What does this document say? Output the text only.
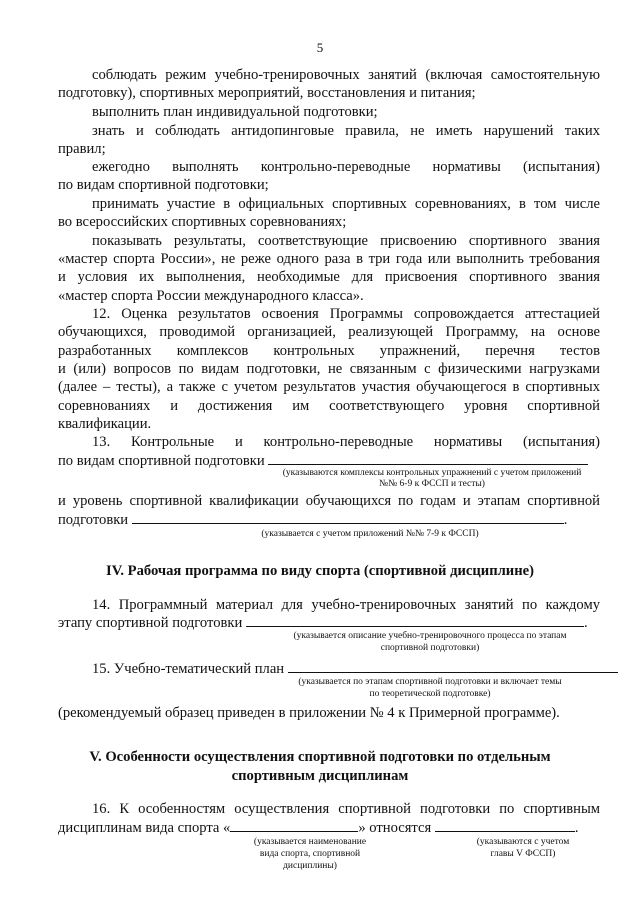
5
соблюдать режим учебно-тренировочных занятий (включая самостоятельную
подготовку), спортивных мероприятий, восстановления и питания;
выполнить план индивидуальной подготовки;
знать и соблюдать антидопинговые правила, не иметь нарушений таких
правил;
ежегодно выполнять контрольно-переводные нормативы (испытания)
по видам спортивной подготовки;
принимать участие в официальных спортивных соревнованиях, в том числе
во всероссийских спортивных соревнованиях;
показывать результаты, соответствующие присвоению спортивного звания
«мастер спорта России», не реже одного раза в три года или выполнить требования
и условия их выполнения, необходимые для присвоения спортивного звания
«мастер спорта России международного класса».
12. Оценка результатов освоения Программы сопровождается аттестацией
обучающихся, проводимой организацией, реализующей Программу, на основе
разработанных комплексов контрольных упражнений, перечня тестов
и (или) вопросов по видам подготовки, не связанным с физическими нагрузками
(далее – тесты), а также с учетом результатов участия обучающегося в спортивных
соревнованиях и достижения им соответствующего уровня спортивной
квалификации.
13. Контрольные и контрольно-переводные нормативы (испытания)
по видам спортивной подготовки
(указываются комплексы контрольных упражнений с учетом приложений
№№ 6-9 к ФССП и тесты)
и уровень спортивной квалификации обучающихся по годам и этапам спортивной
подготовки	.
(указывается с учетом приложений №№ 7-9 к ФССП)
IV. Рабочая программа по виду спорта (спортивной дисциплине)
14. Программный материал для учебно-тренировочных занятий по каждому
этапу спортивной подготовки	.
(указывается описание учебно-тренировочного процесса по этапам
спортивной подготовки)
15. Учебно-тематический план
(указывается по этапам спортивной подготовки и включает темы
по теоретической подготовке)
(рекомендуемый образец приведен в приложении № 4 к Примерной программе).
V. Особенности осуществления спортивной подготовки по отдельным
спортивным дисциплинам
16. К особенностям осуществления спортивной подготовки по спортивным
дисциплинам вида спорта «	» относятся	.
(указывается наименование
вида спорта, спортивной
дисциплины)
(указываются с учетом
главы V ФССП)
